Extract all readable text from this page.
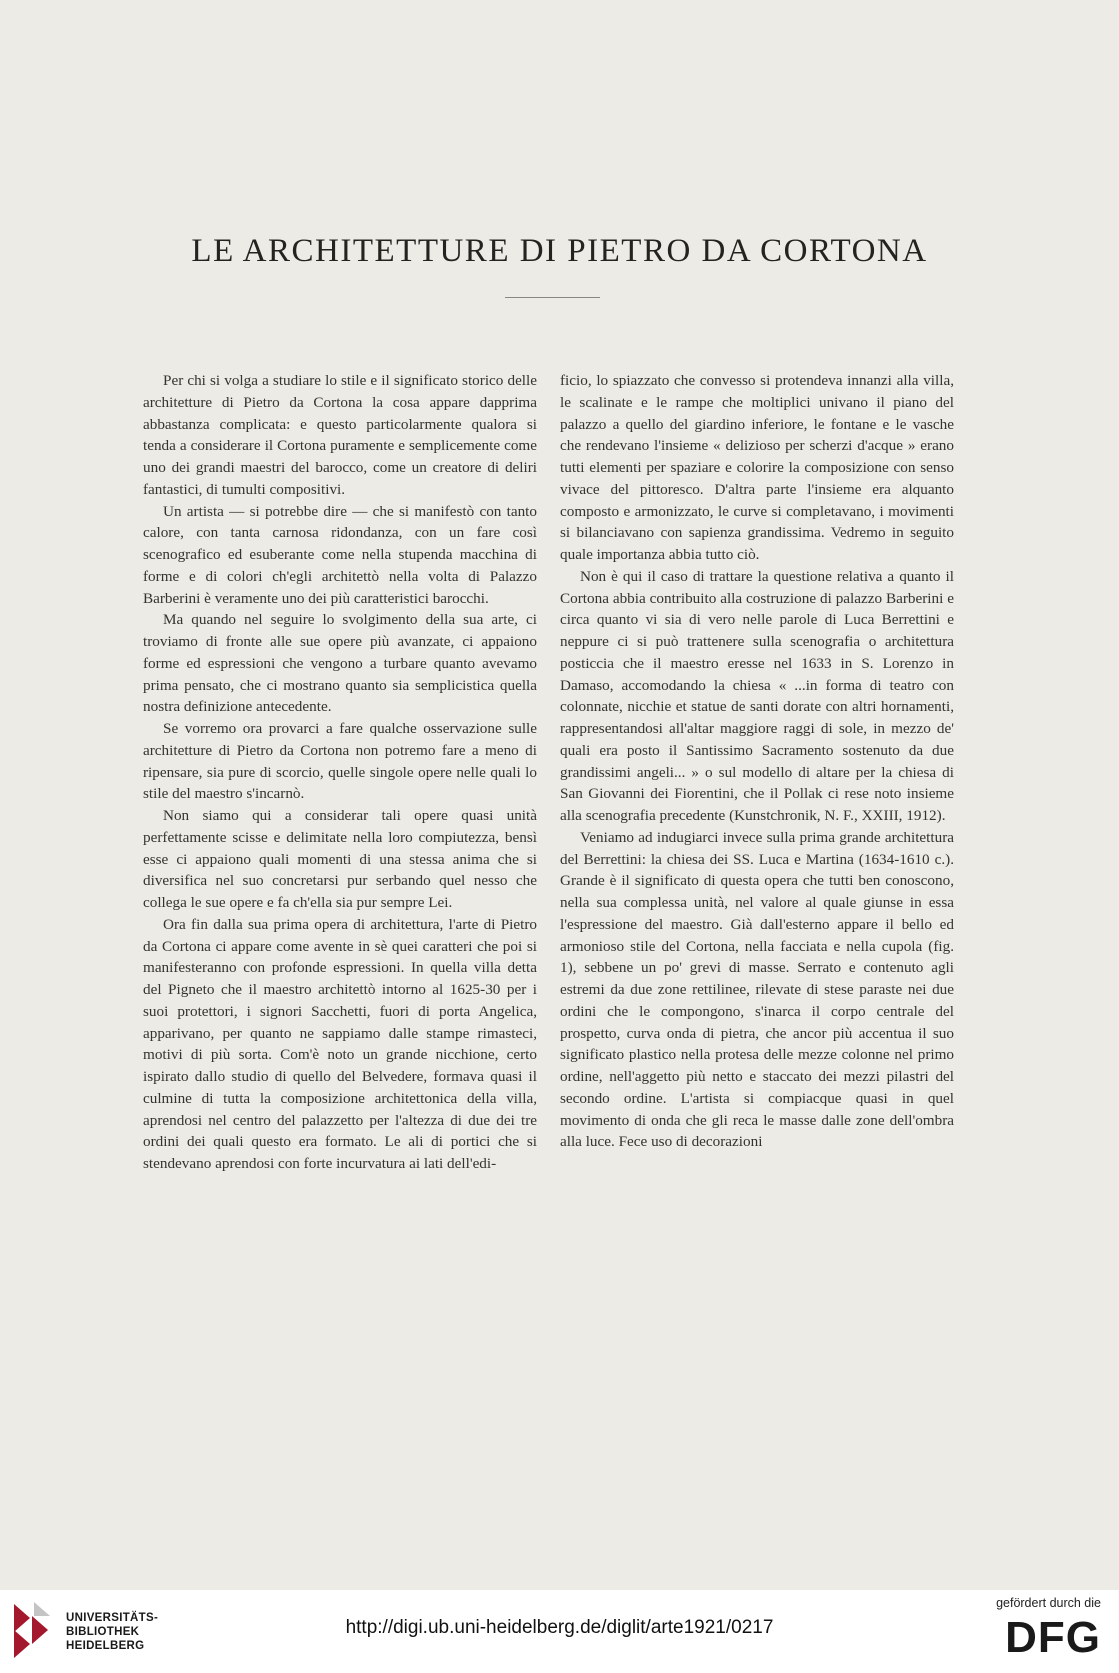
LE ARCHITETTURE DI PIETRO DA CORTONA

Per chi si volga a studiare lo stile e il significato storico delle architetture di Pietro da Cortona la cosa appare dapprima abbastanza complicata: e questo particolarmente qualora si tenda a considerare il Cortona puramente e semplicemente come uno dei grandi maestri del barocco, come un creatore di deliri fantastici, di tumulti compositivi.

Un artista — si potrebbe dire — che si manifestò con tanto calore, con tanta carnosa ridondanza, con un fare così scenografico ed esuberante come nella stupenda macchina di forme e di colori ch'egli architettò nella volta di Palazzo Barberini è veramente uno dei più caratteristici barocchi.

Ma quando nel seguire lo svolgimento della sua arte, ci troviamo di fronte alle sue opere più avanzate, ci appaiono forme ed espressioni che vengono a turbare quanto avevamo prima pensato, che ci mostrano quanto sia semplicistica quella nostra definizione antecedente.

Se vorremo ora provarci a fare qualche osservazione sulle architetture di Pietro da Cortona non potremo fare a meno di ripensare, sia pure di scorcio, quelle singole opere nelle quali lo stile del maestro s'incarnò.

Non siamo qui a considerar tali opere quasi unità perfettamente scisse e delimitate nella loro compiutezza, bensì esse ci appaiono quali momenti di una stessa anima che si diversifica nel suo concretarsi pur serbando quel nesso che collega le sue opere e fa ch'ella sia pur sempre Lei.

Ora fin dalla sua prima opera di architettura, l'arte di Pietro da Cortona ci appare come avente in sè quei caratteri che poi si manifesteranno con profonde espressioni. In quella villa detta del Pigneto che il maestro architettò intorno al 1625-30 per i suoi protettori, i signori Sacchetti, fuori di porta Angelica, apparivano, per quanto ne sappiamo dalle stampe rimasteci, motivi di più sorta. Com'è noto un grande nicchione, certo ispirato dallo studio di quello del Belvedere, formava quasi il culmine di tutta la composizione architettonica della villa, aprendosi nel centro del palazzetto per l'altezza di due dei tre ordini dei quali questo era formato. Le ali di portici che si stendevano aprendosi con forte incurvatura ai lati dell'edi-

ficio, lo spiazzato che convesso si protendeva innanzi alla villa, le scalinate e le rampe che moltiplici univano il piano del palazzo a quello del giardino inferiore, le fontane e le vasche che rendevano l'insieme « delizioso per scherzi d'acque » erano tutti elementi per spaziare e colorire la composizione con senso vivace del pittoresco. D'altra parte l'insieme era alquanto composto e armonizzato, le curve si completavano, i movimenti si bilanciavano con sapienza grandissima. Vedremo in seguito quale importanza abbia tutto ciò.

Non è qui il caso di trattare la questione relativa a quanto il Cortona abbia contribuito alla costruzione di palazzo Barberini e circa quanto vi sia di vero nelle parole di Luca Berrettini e neppure ci si può trattenere sulla scenografia o architettura posticcia che il maestro eresse nel 1633 in S. Lorenzo in Damaso, accomodando la chiesa « ...in forma di teatro con colonnate, nicchie et statue de santi dorate con altri hornamenti, rappresentandosi all'altar maggiore raggi di sole, in mezzo de' quali era posto il Santissimo Sacramento sostenuto da due grandissimi angeli... » o sul modello di altare per la chiesa di San Giovanni dei Fiorentini, che il Pollak ci rese noto insieme alla scenografia precedente (Kunstchronik, N. F., XXIII, 1912).

Veniamo ad indugiarci invece sulla prima grande architettura del Berrettini: la chiesa dei SS. Luca e Martina (1634-1610 c.). Grande è il significato di questa opera che tutti ben conoscono, nella sua complessa unità, nel valore al quale giunse in essa l'espressione del maestro. Già dall'esterno appare il bello ed armonioso stile del Cortona, nella facciata e nella cupola (fig. 1), sebbene un po' grevi di masse. Serrato e contenuto agli estremi da due zone rettilinee, rilevate di stese paraste nei due ordini che le compongono, s'inarca il corpo centrale del prospetto, curva onda di pietra, che ancor più accentua il suo significato plastico nella protesa delle mezze colonne nel primo ordine, nell'aggetto più netto e staccato dei mezzi pilastri del secondo ordine. L'artista si compiacque quasi in quel movimento di onda che gli reca le masse dalle zone dell'ombra alla luce. Fece uso di decorazioni

UNIVERSITÄTS-
BIBLIOTHEK
HEIDELBERG
http://digi.ub.uni-heidelberg.de/diglit/arte1921/0217
gefördert durch die
DFG
